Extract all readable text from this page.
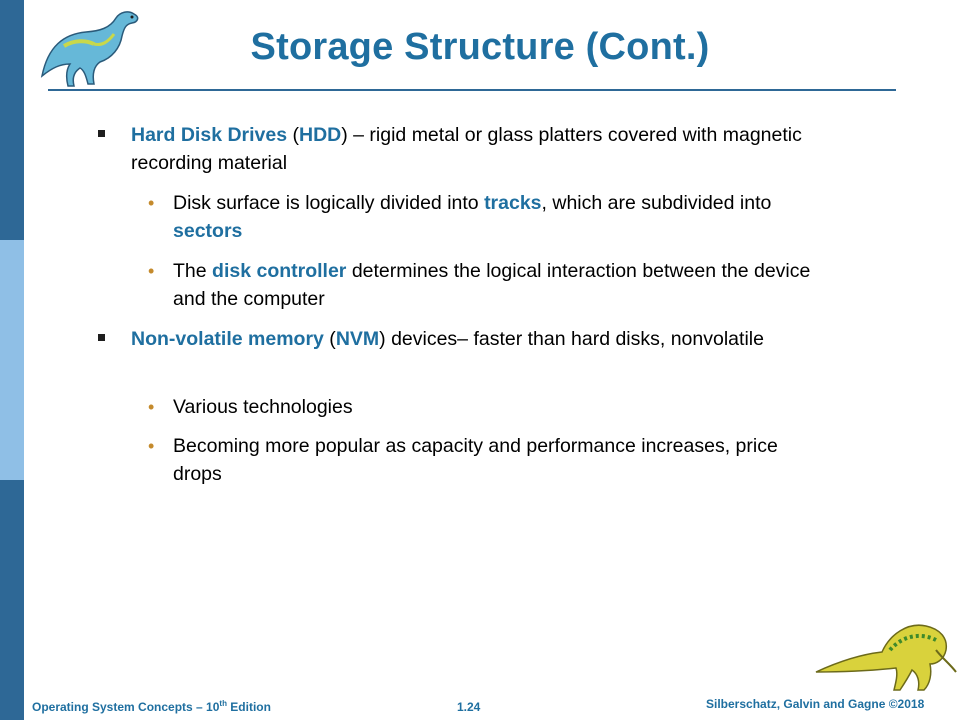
Storage Structure (Cont.)
Hard Disk Drives (HDD) – rigid metal or glass platters covered with magnetic recording material
• Disk surface is logically divided into tracks, which are subdivided into sectors
• The disk controller determines the logical interaction between the device and the computer
Non-volatile memory (NVM) devices– faster than hard disks, nonvolatile
• Various technologies
• Becoming more popular as capacity and performance increases, price drops
Operating System Concepts – 10th Edition	1.24	Silberschatz, Galvin and Gagne ©2018
